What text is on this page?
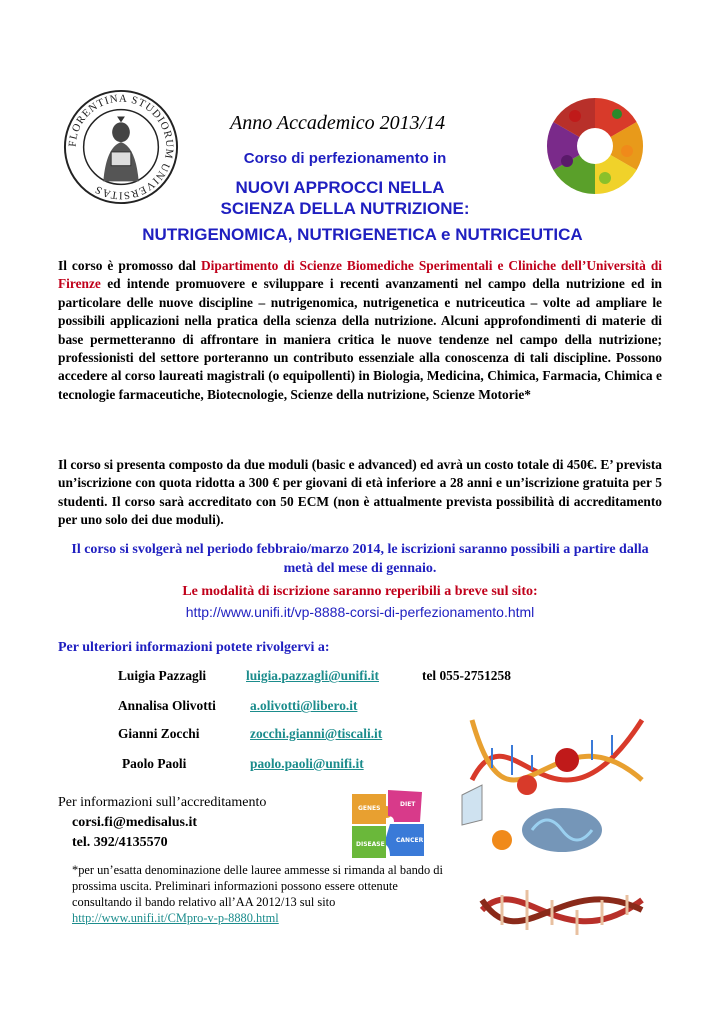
FLORENTINA STUDIORUM UNIVERSITAS
Anno Accademico 2013/14
Corso di perfezionamento in
NUOVI APPROCCI NELLA
SCIENZA DELLA NUTRIZIONE:
NUTRIGENOMICA, NUTRIGENETICA e NUTRICEUTICA
Il corso è promosso dal Dipartimento di Scienze Biomediche Sperimentali e Cliniche dell’Università di Firenze ed intende promuovere e sviluppare i recenti avanzamenti nel campo della nutrizione ed in particolare delle nuove discipline – nutrigenomica, nutrigenetica e nutriceutica – volte ad ampliare le possibili applicazioni nella pratica della scienza della nutrizione. Alcuni approfondimenti di materie di base permetteranno di affrontare in maniera critica le nuove tendenze nel campo della nutrizione; professionisti del settore porteranno un contributo essenziale alla conoscenza di tali discipline. Possono accedere al corso laureati magistrali (o equipollenti) in Biologia, Medicina, Chimica, Farmacia, Chimica e tecnologie farmaceutiche, Biotecnologie, Scienze della nutrizione, Scienze Motorie*
Il corso si presenta composto da due moduli (basic e advanced) ed avrà un costo totale di 450€. E’ prevista un’iscrizione con quota ridotta a 300 € per giovani di età inferiore a 28 anni e un’iscrizione gratuita per 5 studenti. Il corso sarà accreditato con 50 ECM (non è attualmente prevista possibilità di accreditamento per uno solo dei due moduli).
Il corso si svolgerà nel periodo febbraio/marzo 2014, le iscrizioni saranno possibili a partire dalla metà del mese di gennaio.
Le modalità di iscrizione saranno reperibili a breve sul sito:
http://www.unifi.it/vp-8888-corsi-di-perfezionamento.html
Per ulteriori informazioni potete rivolgervi a:
Luigia Pazzagli	luigia.pazzagli@unifi.it	tel 055-2751258
Annalisa Olivotti	a.olivotti@libero.it
Gianni Zocchi	zocchi.gianni@tiscali.it
Paolo Paoli	paolo.paoli@unifi.it
Per informazioni sull’accreditamento
corsi.fi@medisalus.it
tel. 392/4135570
GENES
DIET
CANCER
DISEASE
*per un’esatta denominazione delle lauree ammesse si rimanda al bando di prossima uscita. Preliminari informazioni possono essere ottenute consultando il bando relativo all’AA 2012/13 sul sito http://www.unifi.it/CMpro-v-p-8880.html
